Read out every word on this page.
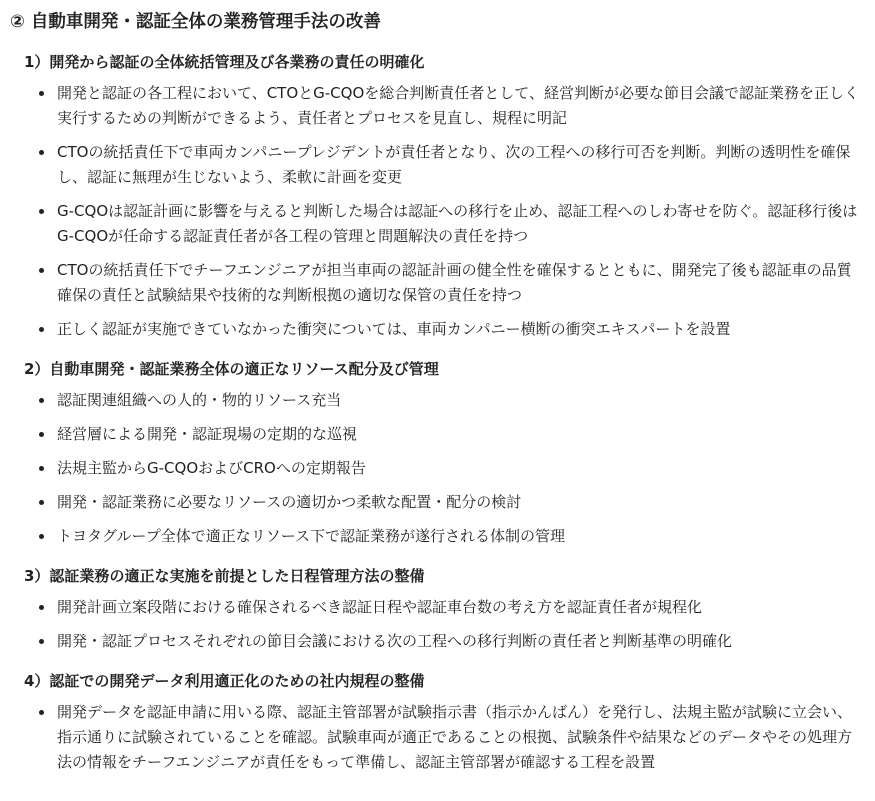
② 自動車開発・認証全体の業務管理手法の改善
1）開発から認証の全体統括管理及び各業務の責任の明確化
開発と認証の各工程において、CTOとG-CQOを総合判断責任者として、経営判断が必要な節目会議で認証業務を正しく実行するための判断ができるよう、責任者とプロセスを見直し、規程に明記
CTOの統括責任下で車両カンパニープレジデントが責任者となり、次の工程への移行可否を判断。判断の透明性を確保し、認証に無理が生じないよう、柔軟に計画を変更
G-CQOは認証計画に影響を与えると判断した場合は認証への移行を止め、認証工程へのしわ寄せを防ぐ。認証移行後はG-CQOが任命する認証責任者が各工程の管理と問題解決の責任を持つ
CTOの統括責任下でチーフエンジニアが担当車両の認証計画の健全性を確保するとともに、開発完了後も認証車の品質確保の責任と試験結果や技術的な判断根拠の適切な保管の責任を持つ
正しく認証が実施できていなかった衝突については、車両カンパニー横断の衝突エキスパートを設置
2）自動車開発・認証業務全体の適正なリソース配分及び管理
認証関連組織への人的・物的リソース充当
経営層による開発・認証現場の定期的な巡視
法規主監からG-CQOおよびCROへの定期報告
開発・認証業務に必要なリソースの適切かつ柔軟な配置・配分の検討
トヨタグループ全体で適正なリソース下で認証業務が遂行される体制の管理
3）認証業務の適正な実施を前提とした日程管理方法の整備
開発計画立案段階における確保されるべき認証日程や認証車台数の考え方を認証責任者が規程化
開発・認証プロセスそれぞれの節目会議における次の工程への移行判断の責任者と判断基準の明確化
4）認証での開発データ利用適正化のための社内規程の整備
開発データを認証申請に用いる際、認証主管部署が試験指示書（指示かんばん）を発行し、法規主監が試験に立会い、指示通りに試験されていることを確認。試験車両が適正であることの根拠、試験条件や結果などのデータやその処理方法の情報をチーフエンジニアが責任をもって準備し、認証主管部署が確認する工程を設置
